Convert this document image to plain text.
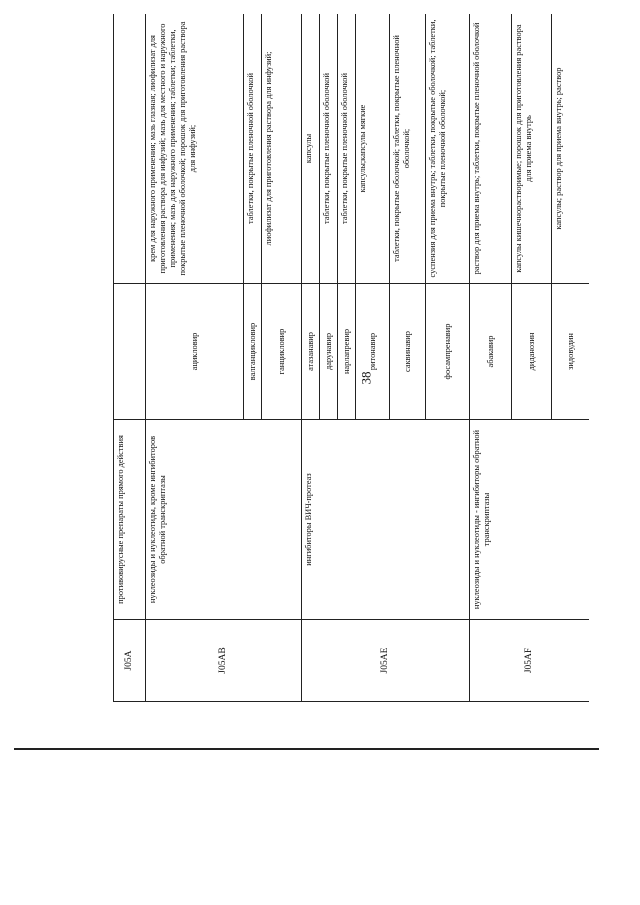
38
J05A	противовирусные препараты прямого действия		
J05AB	нуклеозиды и нуклеотиды, кроме ингибиторов обратной транскриптазы	ацикловир	крем для наружного применения; мазь глазная; лиофилизат для приготовления раствора для инфузий; мазь для местного и наружного применения; мазь для наружного применения; таблетки; таблетки, покрытые пленочной оболочкой; порошок для приготовления раствора для инфузий;
		валганцикловир	таблетки, покрытые пленочной оболочкой
		ганцикловир	лиофилизат для приготовления раствора для инфузий;
J05AE	ингибиторы ВИЧ-протеаз	атазанавир	капсулы
		дарунавир	таблетки, покрытые пленочной оболочкой
		нарлапревир	таблетки, покрытые пленочной оболочкой
		ритонавир	капсулы;капсулы мягкие
		саквинавир	таблетки, покрытые оболочкой; таблетки, покрытые пленочной оболочкой;
		фосампренавир	суспензия для приема внутрь; таблетки, покрытые оболочкой; таблетки, покрытые пленочной оболочкой;
J05AF	нуклеозиды и нуклеотиды - ингибиторы обратной транскриптазы	абакавир	раствор для приема внутрь; таблетки, покрытые пленочной оболочкой
		диданозин	капсулы кишечнорастворимые; порошок для приготовления раствора для приема внутрь
		зидовудин	капсулы; раствор для приема внутрь; раствор
